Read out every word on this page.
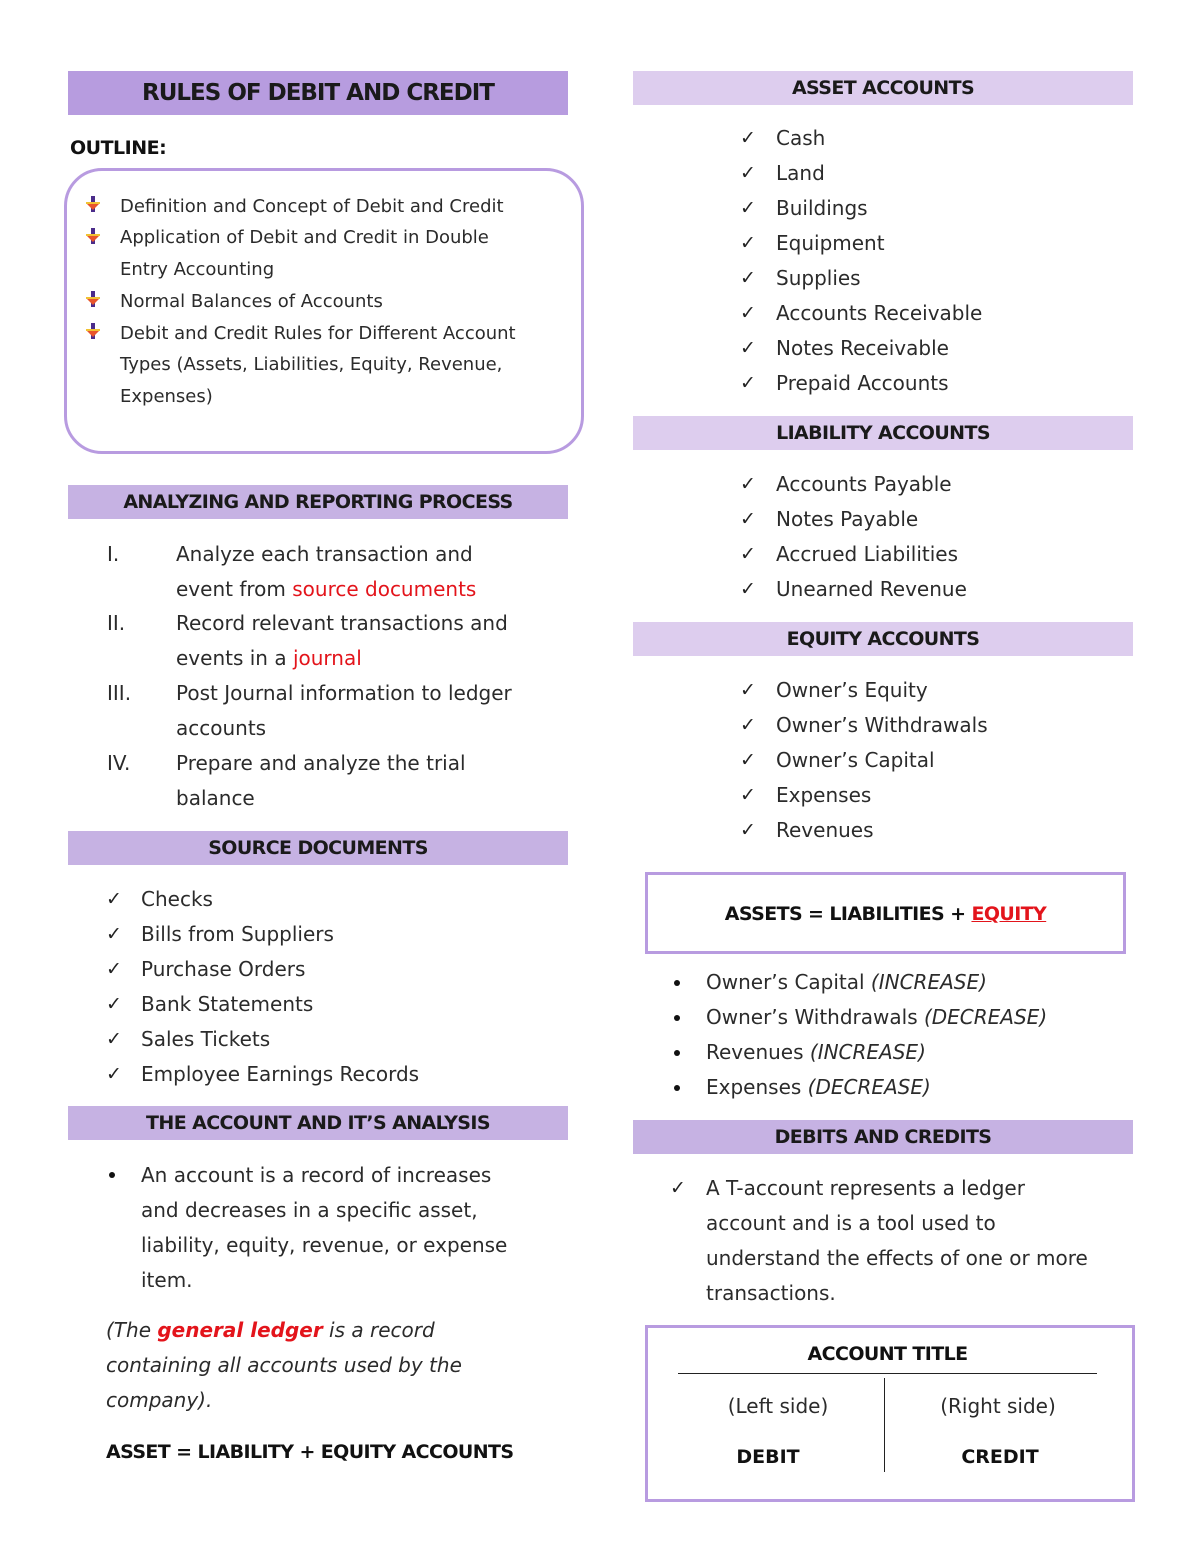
RULES OF DEBIT AND CREDIT
OUTLINE:
Definition and Concept of Debit and Credit
Application of Debit and Credit in Double
Entry Accounting
Normal Balances of Accounts
Debit and Credit Rules for Different Account
Types (Assets, Liabilities, Equity, Revenue,
Expenses)
ANALYZING AND REPORTING PROCESS
I.	Analyze each transaction and
event from source documents
II.	Record relevant transactions and
events in a journal
III. Post Journal information to ledger
accounts
IV. Prepare and analyze the trial
balance
SOURCE DOCUMENTS
✓ Checks
✓ Bills from Suppliers
✓ Purchase Orders
✓ Bank Statements
✓ Sales Tickets
✓ Employee Earnings Records
THE ACCOUNT AND IT’S ANALYSIS
An account is a record of increases
and decreases in a specific asset,
liability, equity, revenue, or expense
item.
(The general ledger is a record
containing all accounts used by the
company).
ASSET = LIABILITY + EQUITY ACCOUNTS
ASSET ACCOUNTS
✓ Cash
✓ Land
✓ Buildings
✓ Equipment
✓ Supplies
✓ Accounts Receivable
✓ Notes Receivable
✓ Prepaid Accounts
LIABILITY ACCOUNTS
✓ Accounts Payable
✓ Notes Payable
✓ Accrued Liabilities
✓ Unearned Revenue
EQUITY ACCOUNTS
✓ Owner’s Equity
✓ Owner’s Withdrawals
✓ Owner’s Capital
✓ Expenses
✓ Revenues
ASSETS = LIABILITIES + EQUITY
Owner’s Capital (INCREASE)
Owner’s Withdrawals (DECREASE)
Revenues (INCREASE)
Expenses (DECREASE)
DEBITS AND CREDITS
✓ A T-account represents a ledger
account and is a tool used to
understand the effects of one or more
transactions.
ACCOUNT TITLE
(Left side)	(Right side)
DEBIT	CREDIT
